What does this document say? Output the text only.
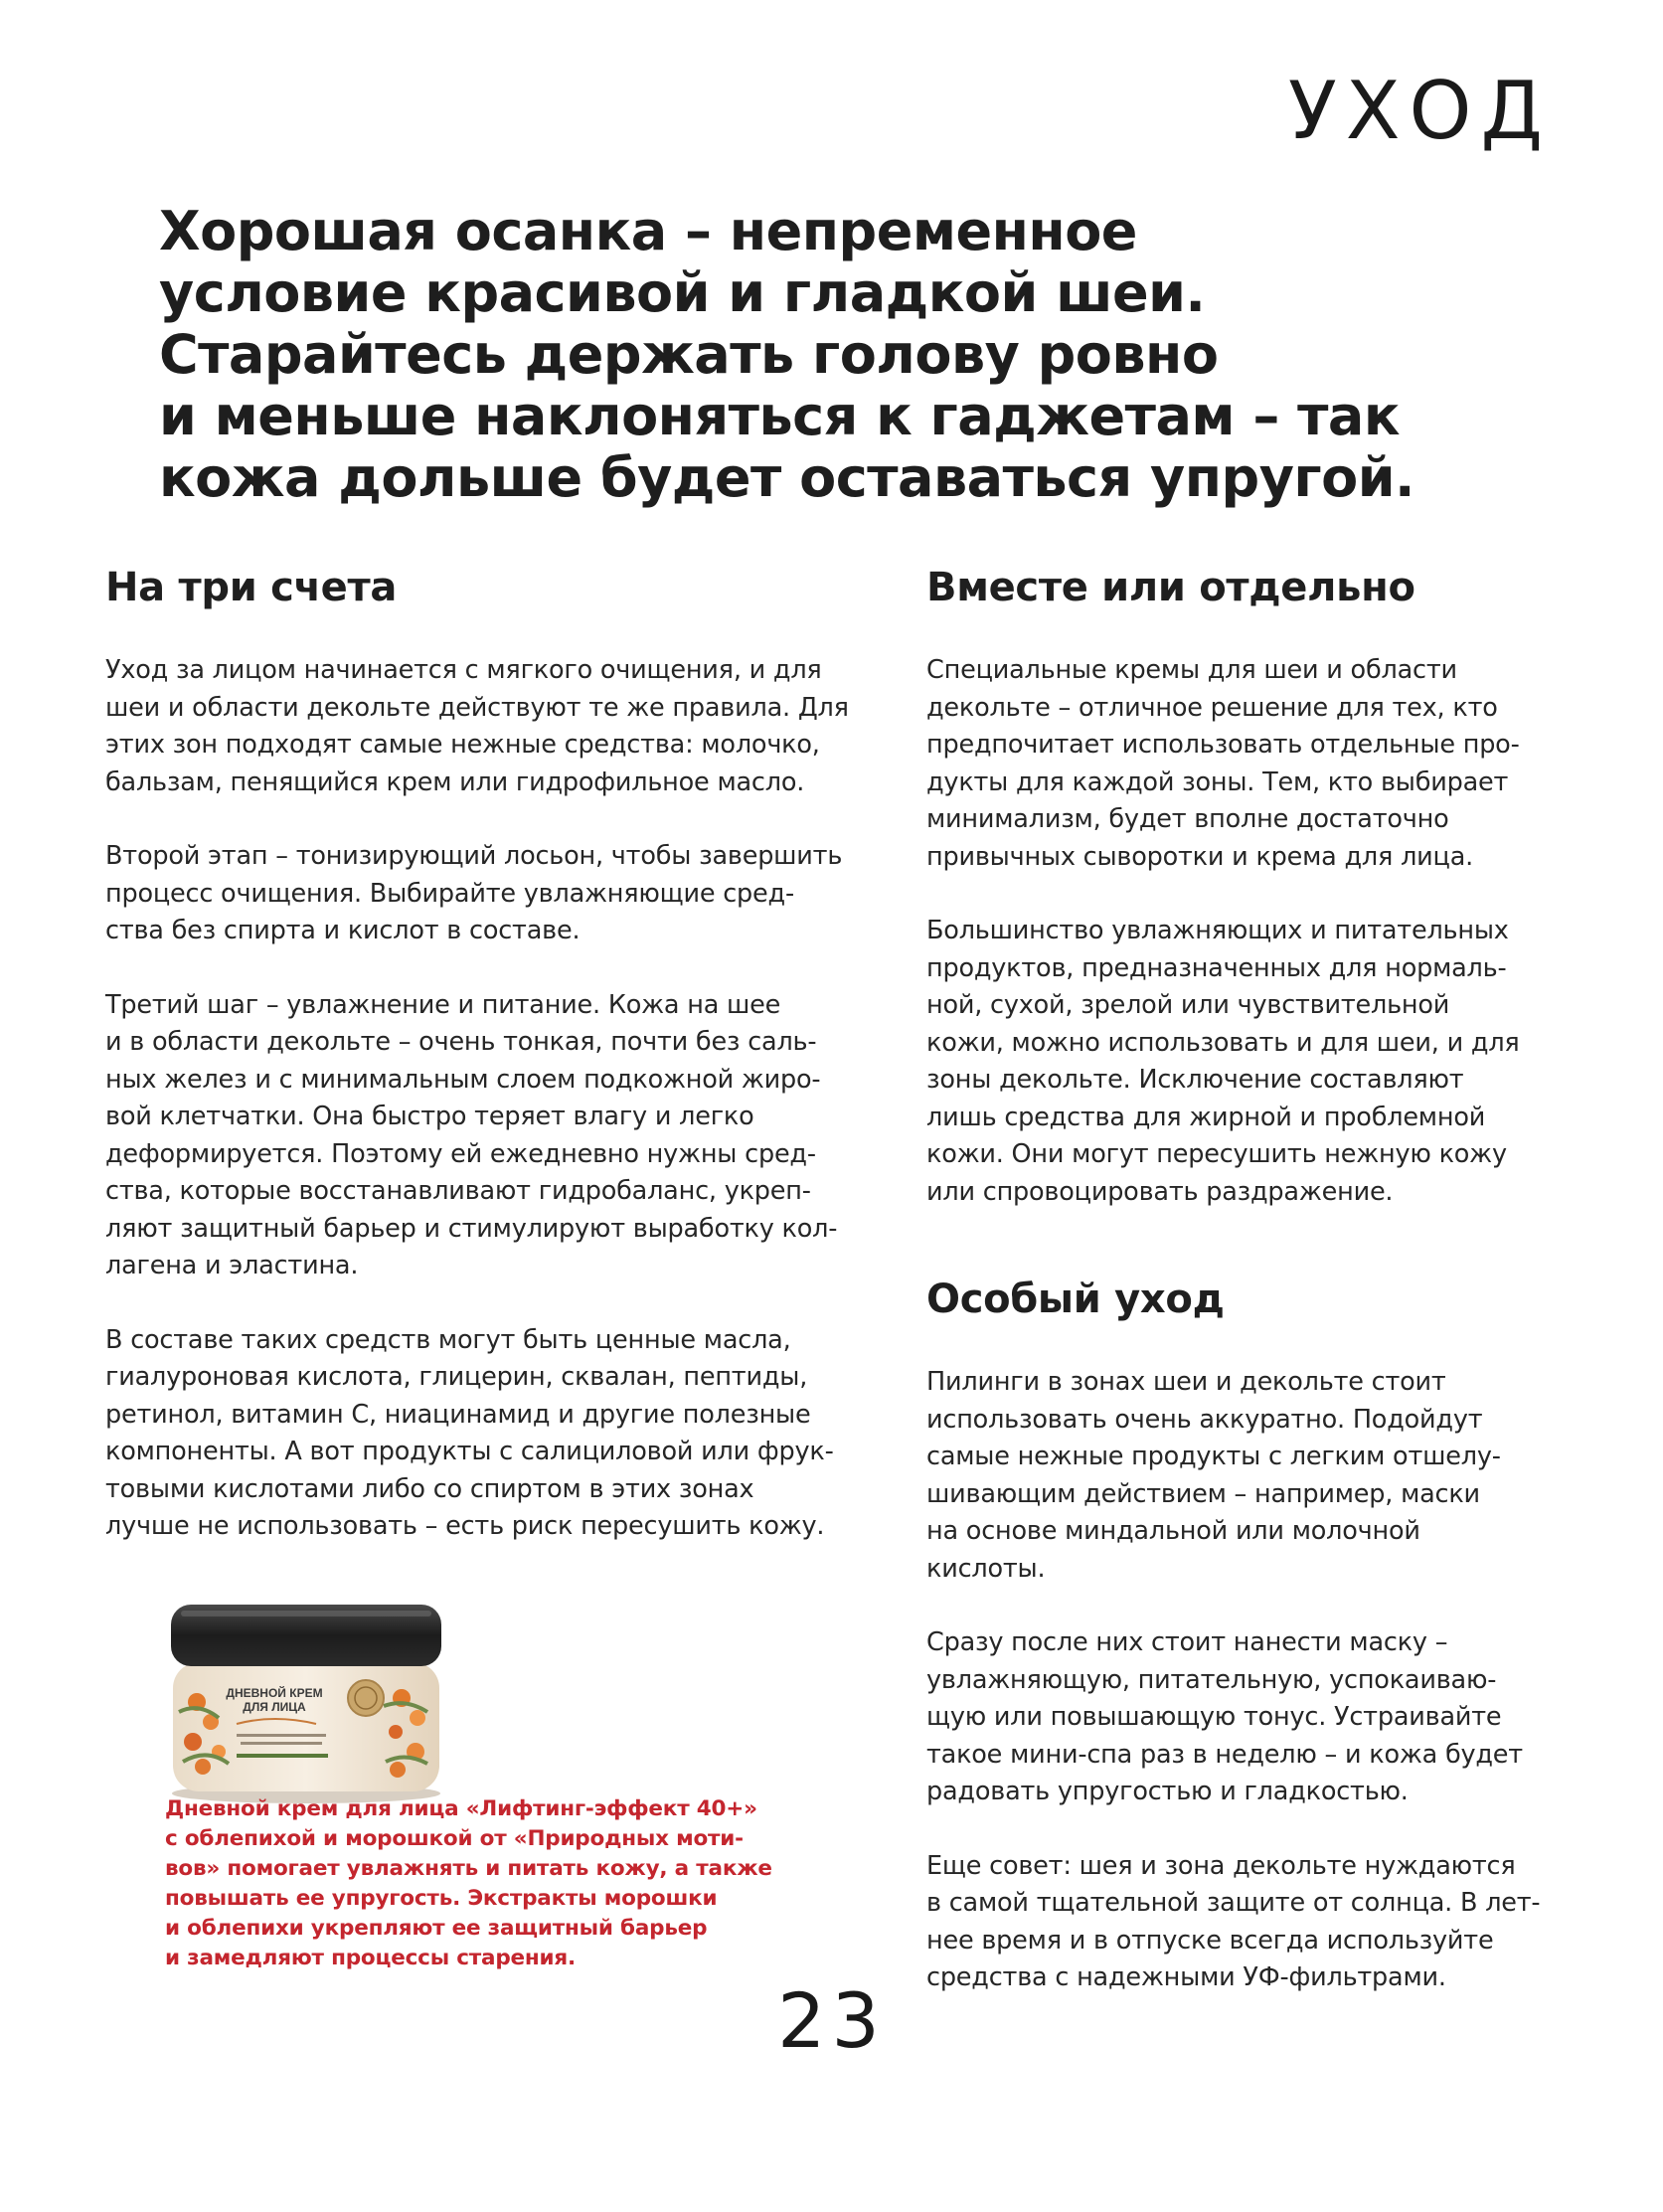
УХОД
Хорошая осанка – непременное
условие красивой и гладкой шеи.
Старайтесь держать голову ровно
и меньше наклоняться к гаджетам – так
кожа дольше будет оставаться упругой.
На три счета
Уход за лицом начинается с мягкого очищения, и для
шеи и области декольте действуют те же правила. Для
этих зон подходят самые нежные средства: молочко,
бальзам, пенящийся крем или гидрофильное масло.
Второй этап – тонизирующий лосьон, чтобы завершить
процесс очищения. Выбирайте увлажняющие сред-
ства без спирта и кислот в составе.
Третий шаг – увлажнение и питание. Кожа на шее
и в области декольте – очень тонкая, почти без саль-
ных желез и с минимальным слоем подкожной жиро-
вой клетчатки. Она быстро теряет влагу и легко
деформируется. Поэтому ей ежедневно нужны сред-
ства, которые восстанавливают гидробаланс, укреп-
ляют защитный барьер и стимулируют выработку кол-
лагена и эластина.
В составе таких средств могут быть ценные масла,
гиалуроновая кислота, глицерин, сквалан, пептиды,
ретинол, витамин С, ниацинамид и другие полезные
компоненты. А вот продукты с салициловой или фрук-
товыми кислотами либо со спиртом в этих зонах
лучше не использовать – есть риск пересушить кожу.
Вместе или отдельно
Специальные кремы для шеи и области
декольте – отличное решение для тех, кто
предпочитает использовать отдельные про-
дукты для каждой зоны. Тем, кто выбирает
минимализм, будет вполне достаточно
привычных сыворотки и крема для лица.
Большинство увлажняющих и питательных
продуктов, предназначенных для нормаль-
ной, сухой, зрелой или чувствительной
кожи, можно использовать и для шеи, и для
зоны декольте. Исключение составляют
лишь средства для жирной и проблемной
кожи. Они могут пересушить нежную кожу
или спровоцировать раздражение.
Особый уход
Пилинги в зонах шеи и декольте стоит
использовать очень аккуратно. Подойдут
самые нежные продукты с легким отшелу-
шивающим действием – например, маски
на основе миндальной или молочной
кислоты.
Сразу после них стоит нанести маску –
увлажняющую, питательную, успокаиваю-
щую или повышающую тонус. Устраивайте
такое мини-спа раз в неделю – и кожа будет
радовать упругостью и гладкостью.
Еще совет: шея и зона декольте нуждаются
в самой тщательной защите от солнца. В лет-
нее время и в отпуске всегда используйте
средства с надежными УФ-фильтрами.
ДНЕВНОЙ КРЕМ
ДЛЯ ЛИЦА
Дневной крем для лица «Лифтинг-эффект 40+»
с облепихой и морошкой от «Природных моти-
вов» помогает увлажнять и питать кожу, а также
повышать ее упругость. Экстракты морошки
и облепихи укрепляют ее защитный барьер
и замедляют процессы старения.
23
